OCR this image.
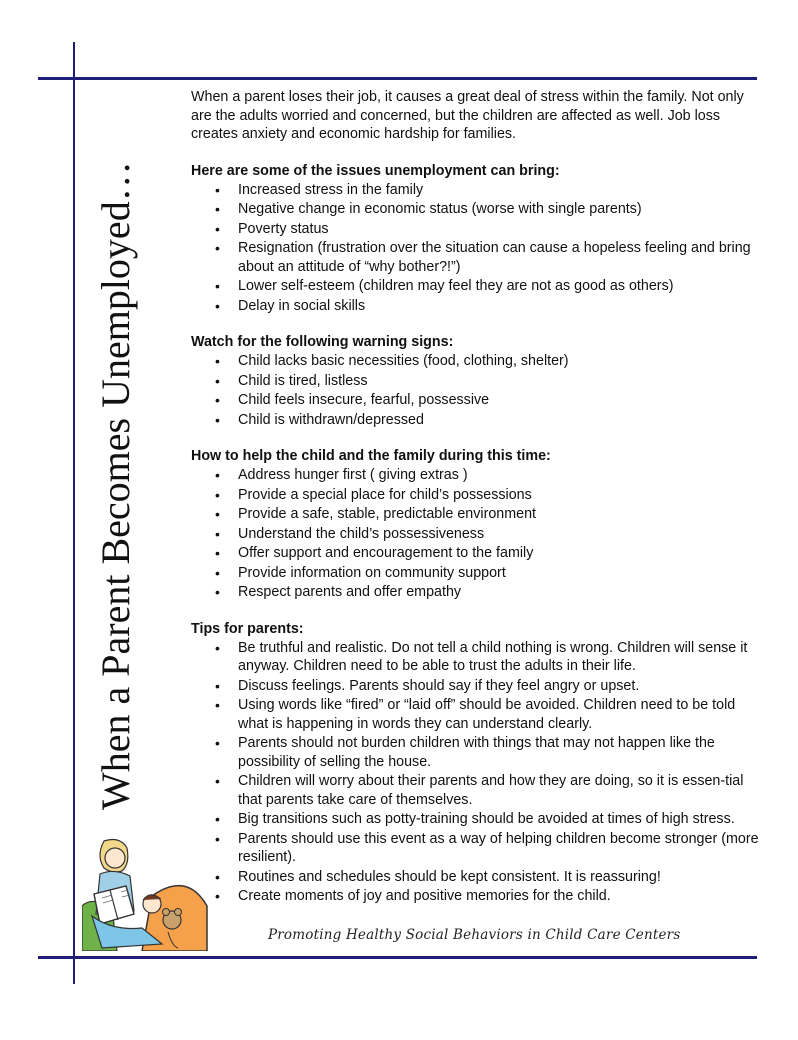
When a Parent Becomes Unemployed…

When a parent loses their job, it causes a great deal of stress within the family. Not only are the adults worried and concerned, but the children are affected as well. Job loss creates anxiety and economic hardship for families.

Here are some of the issues unemployment can bring:
• Increased stress in the family
• Negative change in economic status (worse with single parents)
• Poverty status
• Resignation (frustration over the situation can cause a hopeless feeling and bring about an attitude of “why bother?!”)
• Lower self-esteem (children may feel they are not as good as others)
• Delay in social skills
Watch for the following warning signs:
• Child lacks basic necessities (food, clothing, shelter)
• Child is tired, listless
• Child feels insecure, fearful, possessive
• Child is withdrawn/depressed
How to help the child and the family during this time:
• Address hunger first ( giving extras )
• Provide a special place for child’s possessions
• Provide a safe, stable, predictable environment
• Understand the child’s possessiveness
• Offer support and encouragement to the family
• Provide information on community support
• Respect parents and offer empathy
Tips for parents:
• Be truthful and realistic. Do not tell a child nothing is wrong. Children will sense it anyway. Children need to be able to trust the adults in their life.
• Discuss feelings. Parents should say if they feel angry or upset.
• Using words like “fired” or “laid off” should be avoided. Children need to be told what is happening in words they can understand clearly.
• Parents should not burden children with things that may not happen like the possibility of selling the house.
• Children will worry about their parents and how they are doing, so it is essen-tial that parents take care of themselves.
• Big transitions such as potty-training should be avoided at times of high stress.
• Parents should use this event as a way of helping children become stronger (more resilient).
• Routines and schedules should be kept consistent. It is reassuring!
• Create moments of joy and positive memories for the child.
Promoting Healthy Social Behaviors in Child Care Centers
